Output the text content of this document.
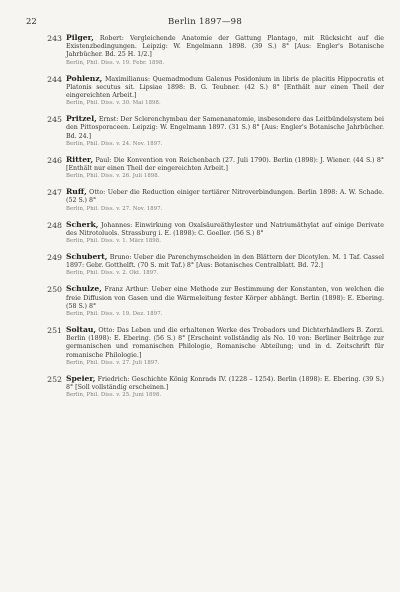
22	Berlin 1897—98
243 Pilger, Robert: Vergleichende Anatomie der Gattung Plantago, mit Rücksicht auf die Existenzbedingungen. Leipzig: W. Engelmann 1898. (39 S.) 8° [Aus: Engler's Botanische Jahrbücher. Bd. 25 H. 1/2.]
Berlin, Phil. Diss. v. 19. Febr. 1898.
244 Pohlenz, Maximilianus: Quemadmodum Galenus Posidonium in libris de placitis Hippocratis et Platonis secutus sit. Lipsiae 1898: B. G. Teubner. (42 S.) 8° [Enthält nur einen Theil der eingereichten Arbeit.]
Berlin, Phil. Diss. v. 30. Mai 1898.
245 Pritzel, Ernst: Der Sclerenchymbau der Samenanatomie, insbesondere das Leitbündelsystem bei den Pittosporaceen. Leipzig: W. Engelmann 1897. (31 S.) 8° [Aus: Engler's Botanische Jahrbücher. Bd. 24.]
Berlin, Phil. Diss. v. 24. Nov. 1897.
246 Ritter, Paul: Die Konvention von Reichenbach (27. Juli 1790). Berlin (1898): J. Wiener. (44 S.) 8° [Enthält nur einen Theil der eingereichten Arbeit.]
Berlin, Phil. Diss. v. 26. Juli 1898.
247 Ruff, Otto: Ueber die Reduction einiger tertiärer Nitroverbindungen. Berlin 1898: A. W. Schade. (52 S.) 8°
Berlin, Phil. Diss. v. 27. Nov. 1897.
248 Scherk, Johannes: Einwirkung von Oxalsäureäthylester und Natriumäthylat auf einige Derivate des Nitrotoluols. Strassburg i. E. (1898): C. Goeller. (56 S.) 8°
Berlin, Phil. Diss. v. 1. März 1898.
249 Schubert, Bruno: Ueber die Parenchymscheiden in den Blättern der Dicotylen. M. 1 Taf. Cassel 1897: Gebr. Gotthelft. (70 S. mit Taf.) 8° [Aus: Botanisches Centralblatt. Bd. 72.]
Berlin, Phil. Diss. v. 2. Okt. 1897.
250 Schulze, Franz Arthur: Ueber eine Methode zur Bestimmung der Konstanten, von welchen die freie Diffusion von Gasen und die Wärmeleitung fester Körper abhängt. Berlin (1898): E. Ebering. (58 S.) 8°
Berlin, Phil. Diss. v. 19. Dez. 1897.
251 Soltau, Otto: Das Leben und die erhaltenen Werke des Trobadors und Dichterhändlers B. Zorzi. Berlin (1898): E. Ebering. (56 S.) 8° [Erscheint vollständig als No. 10 von: Berliner Beiträge zur germanischen und romanischen Philologie, Romanische Abteilung; und in d. Zeitschrift für romanische Philologie.]
Berlin, Phil. Diss. v. 27. Juli 1897.
252 Speier, Friedrich: Geschichte König Konrads IV. (1228 – 1254). Berlin (1898): E. Ebering. (39 S.) 8° [Soll vollständig erscheinen.]
Berlin, Phil. Diss. v. 25. Juni 1898.
